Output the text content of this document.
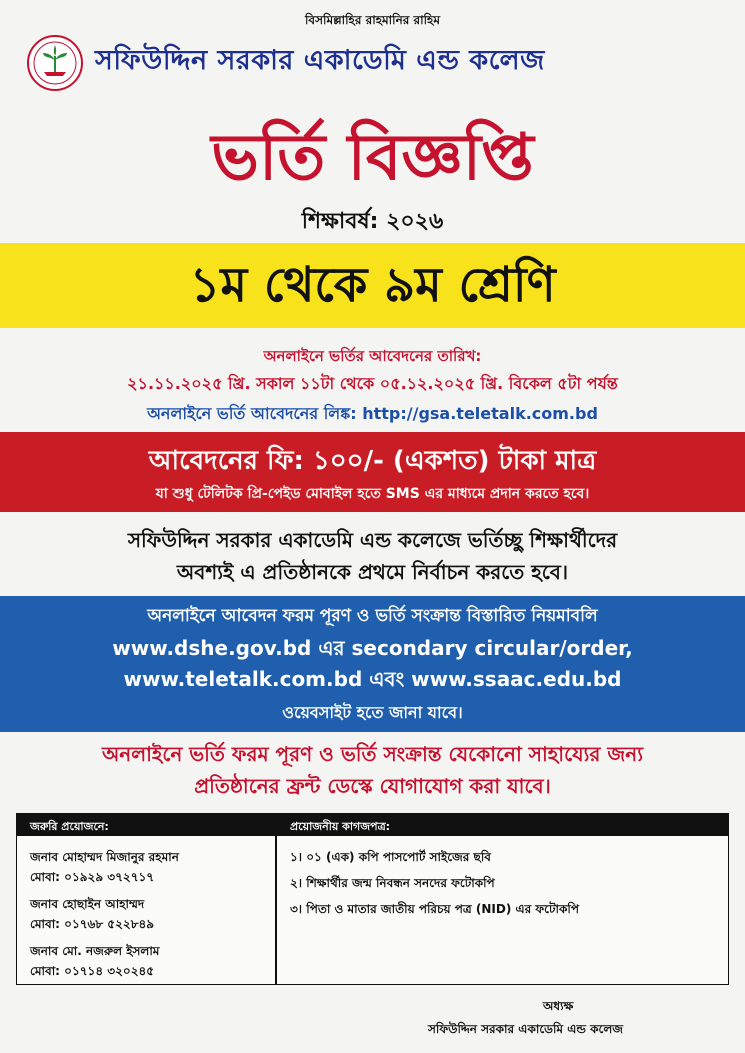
বিসমিল্লাহির রাহমানির রাহিম
সফিউদ্দিন সরকার একাডেমি এন্ড কলেজ
ভর্তি বিজ্ঞপ্তি
শিক্ষাবর্ষ: ২০২৬
১ম থেকে ৯ম শ্রেণি
অনলাইনে ভর্তির আবেদনের তারিখ:
২১.১১.২০২৫ খ্রি. সকাল ১১টা থেকে ০৫.১২.২০২৫ খ্রি. বিকেল ৫টা পর্যন্ত
অনলাইনে ভর্তি আবেদনের লিঙ্ক: http://gsa.teletalk.com.bd
আবেদনের ফি: ১০০/- (একশত) টাকা মাত্র
যা শুধু টেলিটক প্রি-পেইড মোবাইল হতে SMS এর মাধ্যমে প্রদান করতে হবে।
সফিউদ্দিন সরকার একাডেমি এন্ড কলেজে ভর্তিচ্ছু শিক্ষার্থীদের
অবশ্যই এ প্রতিষ্ঠানকে প্রথমে নির্বাচন করতে হবে।
অনলাইনে আবেদন ফরম পূরণ ও ভর্তি সংক্রান্ত বিস্তারিত নিয়মাবলি
www.dshe.gov.bd এর secondary circular/order,
www.teletalk.com.bd এবং www.ssaac.edu.bd
ওয়েবসাইট হতে জানা যাবে।
অনলাইনে ভর্তি ফরম পূরণ ও ভর্তি সংক্রান্ত যেকোনো সাহায্যের জন্য
প্রতিষ্ঠানের ফ্রন্ট ডেস্কে যোগাযোগ করা যাবে।
জরুরি প্রয়োজনে:	প্রয়োজনীয় কাগজপত্র:
জনাব মোহাম্মদ মিজানুর রহমান
মোবা: ০১৯২৯ ৩৭২৭১৭
জনাব হোছাইন আহাম্মদ
মোবা: ০১৭৬৮ ৫২২৮৪৯
জনাব মো. নজরুল ইসলাম
মোবা: ০১৭১৪ ৩২০২৪৫
১। ০১ (এক) কপি পাসপোর্ট সাইজের ছবি
২। শিক্ষার্থীর জন্ম নিবন্ধন সনদের ফটোকপি
৩। পিতা ও মাতার জাতীয় পরিচয় পত্র (NID) এর ফটোকপি
অধ্যক্ষ
সফিউদ্দিন সরকার একাডেমি এন্ড কলেজ
